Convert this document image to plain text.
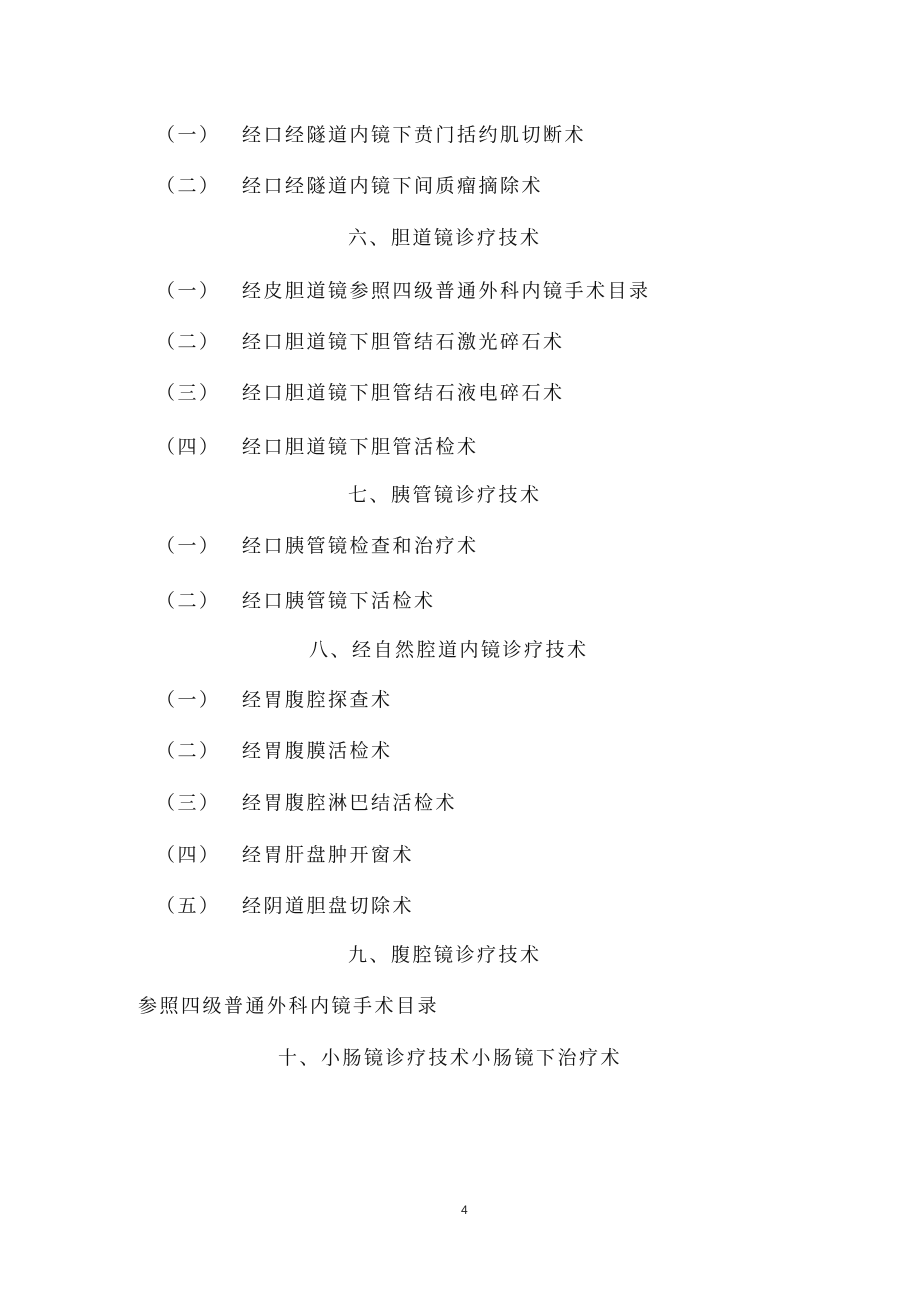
（一） 经口经隧道内镜下贲门括约肌切断术
（二） 经口经隧道内镜下间质瘤摘除术
六、胆道镜诊疗技术
（一） 经皮胆道镜参照四级普通外科内镜手术目录
（二） 经口胆道镜下胆管结石激光碎石术
（三） 经口胆道镜下胆管结石液电碎石术
（四） 经口胆道镜下胆管活检术
七、胰管镜诊疗技术
（一） 经口胰管镜检查和治疗术
（二） 经口胰管镜下活检术
八、经自然腔道内镜诊疗技术
（一） 经胃腹腔探查术
（二） 经胃腹膜活检术
（三） 经胃腹腔淋巴结活检术
（四） 经胃肝盘肿开窗术
（五） 经阴道胆盘切除术
九、腹腔镜诊疗技术
参照四级普通外科内镜手术目录
十、小肠镜诊疗技术小肠镜下治疗术
4
